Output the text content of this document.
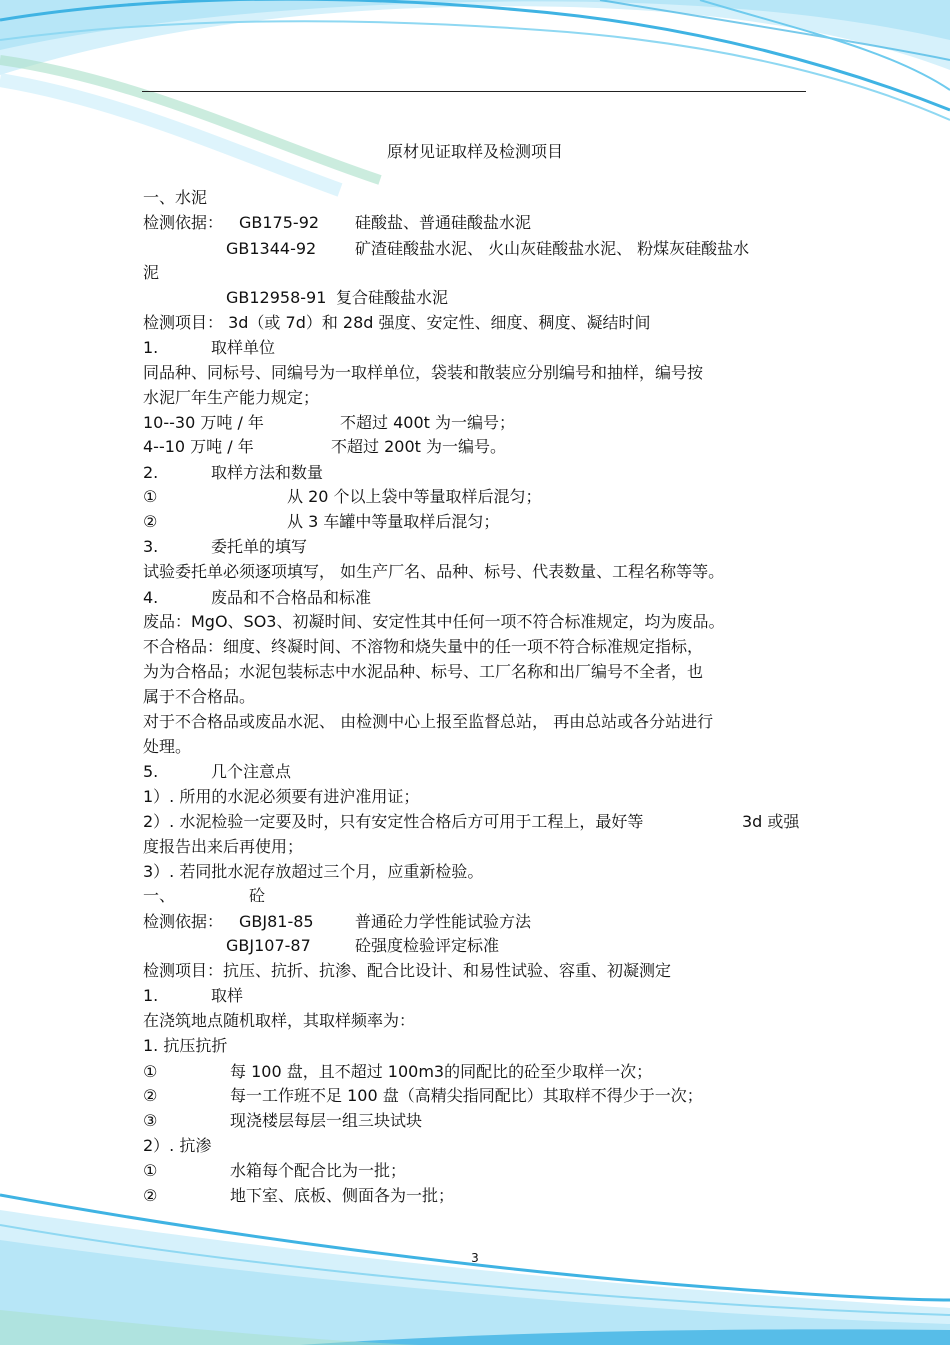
原材见证取样及检测项目
一、水泥
检测依据： GB175-92 硅酸盐、普通硅酸盐水泥
GB1344-92 矿渣硅酸盐水泥、 火山灰硅酸盐水泥、 粉煤灰硅酸盐水
泥
GB12958-91 复合硅酸盐水泥
检测项目： 3d（或 7d）和 28d 强度、安定性、细度、稠度、凝结时间
1.	取样单位
同品种、同标号、同编号为一取样单位，袋装和散装应分别编号和抽样，编号按
水泥厂年生产能力规定；
10--30 万吨 / 年	不超过 400t 为一编号；
4--10 万吨 / 年	不超过 200t 为一编号。
2.	取样方法和数量
①	从 20 个以上袋中等量取样后混匀；
②	从 3 车罐中等量取样后混匀；
3.	委托单的填写
试验委托单必须逐项填写， 如生产厂名、品种、标号、代表数量、工程名称等等。
4.	废品和不合格品和标准
废品：MgO、SO3、初凝时间、安定性其中任何一项不符合标准规定，均为废品。
不合格品：细度、终凝时间、不溶物和烧失量中的任一项不符合标准规定指标，
为为合格品；水泥包装标志中水泥品种、标号、工厂名称和出厂编号不全者，也
属于不合格品。
对于不合格品或废品水泥、 由检测中心上报至监督总站， 再由总站或各分站进行
处理。
5.	几个注意点
1）. 所用的水泥必须要有进沪准用证；
2）. 水泥检验一定要及时，只有安定性合格后方可用于工程上，最好等	3d 或强
度报告出来后再使用；
3）. 若同批水泥存放超过三个月，应重新检验。
一、	砼
检测依据： GBJ81-85	普通砼力学性能试验方法
GBJ107-87	砼强度检验评定标准
检测项目：抗压、抗折、抗渗、配合比设计、和易性试验、容重、初凝测定
1.	取样
在浇筑地点随机取样，其取样频率为：
1. 抗压抗折
①	每 100 盘，且不超过 100m3的同配比的砼至少取样一次；
②	每一工作班不足 100 盘（高精尖指同配比）其取样不得少于一次；
③	现浇楼层每层一组三块试块
2）. 抗渗
①	水箱每个配合比为一批；
②	地下室、底板、侧面各为一批；
3
